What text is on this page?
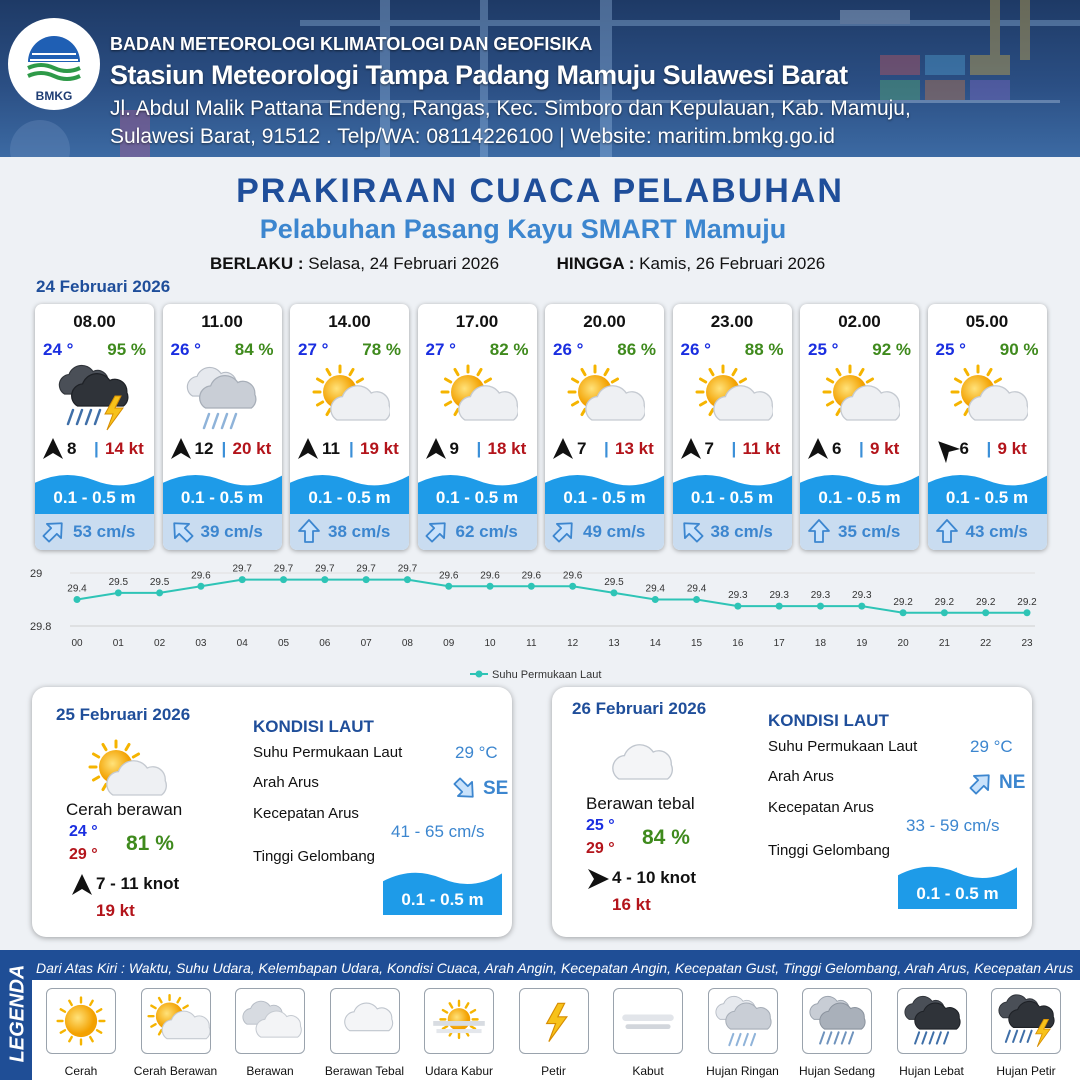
BMKG
BADAN METEOROLOGI KLIMATOLOGI DAN GEOFISIKA
Stasiun Meteorologi Tampa Padang Mamuju Sulawesi Barat
Jl. Abdul Malik Pattana Endeng, Rangas, Kec. Simboro dan Kepulauan, Kab. Mamuju,
Sulawesi Barat, 91512 . Telp/WA: 08114226100 | Website: maritim.bmkg.go.id
PRAKIRAAN CUACA PELABUHAN
Pelabuhan Pasang Kayu SMART Mamuju
BERLAKU : Selasa, 24 Februari 2026	HINGGA : Kamis, 26 Februari 2026
24 Februari 2026
08.00
24 ° 95 %
8 | 14 kt
0.1 - 0.5 m
53 cm/s
11.00
26 ° 84 %
12 | 20 kt
0.1 - 0.5 m
39 cm/s
14.00
27 ° 78 %
11 | 19 kt
0.1 - 0.5 m
38 cm/s
17.00
27 ° 82 %
9 | 18 kt
0.1 - 0.5 m
62 cm/s
20.00
26 ° 86 %
7 | 13 kt
0.1 - 0.5 m
49 cm/s
23.00
26 ° 88 %
7 | 11 kt
0.1 - 0.5 m
38 cm/s
02.00
25 ° 92 %
6 | 9 kt
0.1 - 0.5 m
35 cm/s
05.00
25 ° 90 %
6 | 9 kt
0.1 - 0.5 m
43 cm/s
29
29.8
29.4
00
29.5
01
29.5
02
29.6
03
29.7
04
29.7
05
29.7
06
29.7
07
29.7
08
29.6
09
29.6
10
29.6
11
29.6
12
29.5
13
29.4
14
29.4
15
29.3
16
29.3
17
29.3
18
29.3
19
29.2
20
29.2
21
29.2
22
29.2
23
Suhu Permukaan Laut
25 Februari 2026
Cerah berawan
24 °
29 ° 81 %
7 - 11 knot
19 kt
KONDISI LAUT
Suhu Permukaan Laut	29 °C
Arah Arus	SE
Kecepatan Arus
41 - 65 cm/s
Tinggi Gelombang
0.1 - 0.5 m
26 Februari 2026
Berawan tebal
25 °
29 ° 84 %
4 - 10 knot
16 kt
KONDISI LAUT
Suhu Permukaan Laut	29 °C
Arah Arus	NE
Kecepatan Arus
33 - 59 cm/s
Tinggi Gelombang
0.1 - 0.5 m
LEGENDA Dari Atas Kiri : Waktu, Suhu Udara, Kelembapan Udara, Kondisi Cuaca, Arah Angin, Kecepatan Angin, Kecepatan Gust, Tinggi Gelombang, Arah Arus, Kecepatan Arus
Cerah	Cerah Berawan	Berawan	Berawan Tebal	Udara Kabur	Petir	Kabut	Hujan Ringan	Hujan Sedang	Hujan Lebat	Hujan Petir
